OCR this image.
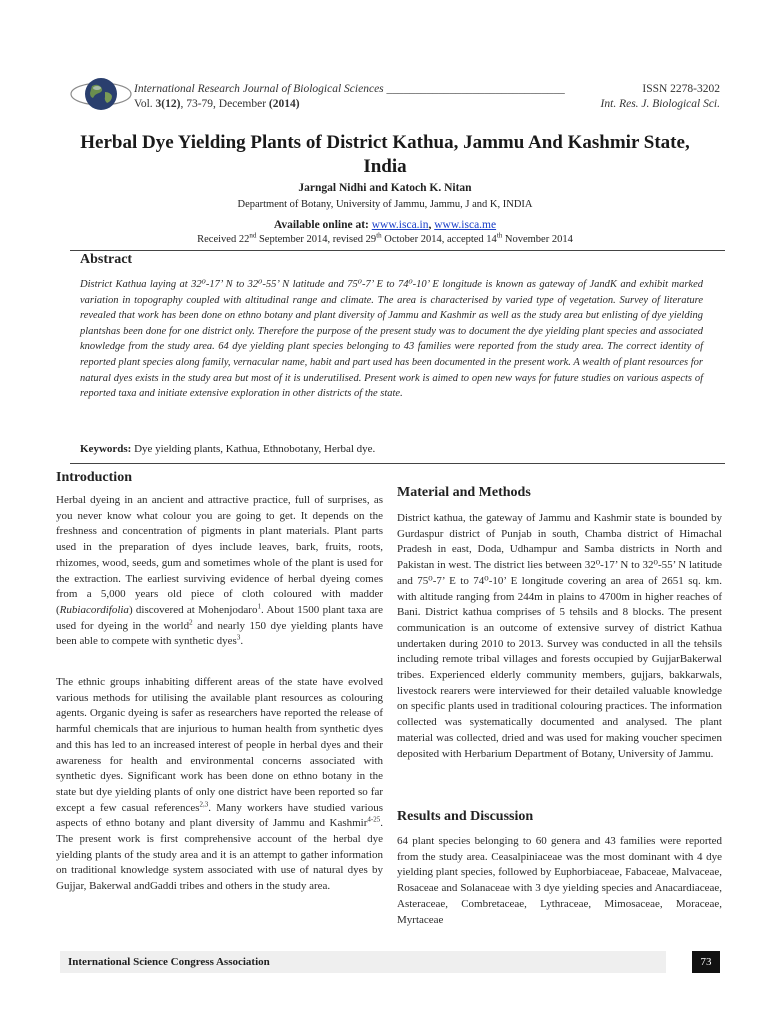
International Research Journal of Biological Sciences _______________________________
Vol. 3(12), 73-79, December (2014)
ISSN 2278-3202
Int. Res. J. Biological Sci.
Herbal Dye Yielding Plants of District Kathua, Jammu And Kashmir State,
India
Jarngal Nidhi and Katoch K. Nitan
Department of Botany, University of Jammu, Jammu, J and K, INDIA
Available online at: www.isca.in, www.isca.me
Received 22nd September 2014, revised 29th October 2014, accepted 14th November 2014
Abstract

District Kathua laying at 32⁰-17’ N to 32⁰-55’ N latitude and 75⁰-7’ E to 74⁰-10’ E longitude is known as gateway of JandK and exhibit marked variation in topography coupled with altitudinal range and climate. The area is characterised by varied type of vegetation. Survey of literature revealed that work has been done on ethno botany and plant diversity of Jammu and Kashmir as well as the study area but enlisting of dye yielding plantshas been done for one district only. Therefore the purpose of the present study was to document the dye yielding plant species and associated knowledge from the study area. 64 dye yielding plant species belonging to 43 families were reported from the study area. The correct identity of reported plant species along family, vernacular name, habit and part used has been documented in the present work. A wealth of plant resources for natural dyes exists in the study area but most of it is underutilised. Present work is aimed to open new ways for future studies on various aspects of reported taxa and initiate extensive exploration in other districts of the state.

Keywords: Dye yielding plants, Kathua, Ethnobotany, Herbal dye.
Introduction

Herbal dyeing in an ancient and attractive practice, full of surprises, as you never know what colour you are going to get. It depends on the freshness and concentration of pigments in plant materials. Plant parts used in the preparation of dyes include leaves, bark, fruits, roots, rhizomes, wood, seeds, gum and sometimes whole of the plant is used for the extraction. The earliest surviving evidence of herbal dyeing comes from a 5,000 years old piece of cloth coloured with madder (Rubiacordifolia) discovered at Mohenjodaro$^1$. About 1500 plant taxa are used for dyeing in the world$^2$ and nearly 150 dye yielding plants have been able to compete with synthetic dyes$^3$.

The ethnic groups inhabiting different areas of the state have evolved various methods for utilising the available plant resources as colouring agents. Organic dyeing is safer as researchers have reported the release of harmful chemicals that are injurious to human health from synthetic dyes and this has led to an increased interest of people in herbal dyes and their awareness for health and environmental concerns associated with synthetic dyes. Significant work has been done on ethno botany in the state but dye yielding plants of only one district have been reported so far except a few casual references$^{2,3}$. Many workers have studied various aspects of ethno botany and plant diversity of Jammu and Kashmir$^{4-25}$. The present work is first comprehensive account of the herbal dye yielding plants of the study area and it is an attempt to gather information on traditional knowledge system associated with use of natural dyes by Gujjar, Bakerwal andGaddi tribes and others in the study area.

Material and Methods

District kathua, the gateway of Jammu and Kashmir state is bounded by Gurdaspur district of Punjab in south, Chamba district of Himachal Pradesh in east, Doda, Udhampur and Samba districts in North and Pakistan in west. The district lies between 32⁰-17’ N to 32⁰-55’ N latitude and 75⁰-7’ E to 74⁰-10’ E longitude covering an area of 2651 sq. km. with altitude ranging from 244m in plains to 4700m in higher reaches of Bani. District kathua comprises of 5 tehsils and 8 blocks. The present communication is an outcome of extensive survey of district Kathua undertaken during 2010 to 2013. Survey was conducted in all the tehsils including remote tribal villages and forests occupied by GujjarBakerwal tribes. Experienced elderly community members, gujjars, bakkarwals, livestock rearers were interviewed for their detailed valuable knowledge on specific plants used in traditional colouring practices. The information collected was systematically documented and analysed. The plant material was collected, dried and was used for making voucher specimen deposited with Herbarium Department of Botany, University of Jammu.

Results and Discussion

64 plant species belonging to 60 genera and 43 families were reported from the study area. Ceasalpiniaceae was the most dominant with 4 dye yielding plant species, followed by Euphorbiaceae, Fabaceae, Malvaceae, Rosaceae and Solanaceae with 3 dye yielding species and Anacardiaceae, Asteraceae, Combretaceae, Lythraceae, Mimosaceae, Moraceae, Myrtaceae

International Science Congress Association	73
